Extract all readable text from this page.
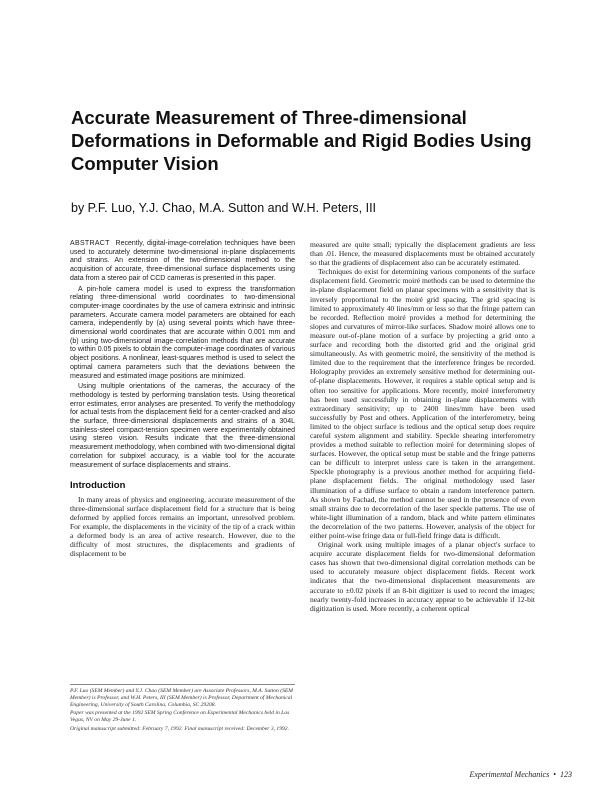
Accurate Measurement of Three-dimensional Deformations in Deformable and Rigid Bodies Using Computer Vision

by P.F. Luo, Y.J. Chao, M.A. Sutton and W.H. Peters, III

ABSTRACT Recently, digital-image-correlation techniques have been used to accurately determine two-dimensional in-plane displacements and strains. An extension of the two-dimensional method to the acquisition of accurate, three-dimensional surface displacements using data from a stereo pair of CCD cameras is presented in this paper.

A pin-hole camera model is used to express the transformation relating three-dimensional world coordinates to two-dimensional computer-image coordinates by the use of camera extrinsic and intrinsic parameters. Accurate camera model parameters are obtained for each camera, independently by (a) using several points which have three-dimensional world coordinates that are accurate within 0.001 mm and (b) using two-dimensional image-correlation methods that are accurate to within 0.05 pixels to obtain the computer-image coordinates of various object positions. A nonlinear, least-squares method is used to select the optimal camera parameters such that the deviations between the measured and estimated image positions are minimized.

Using multiple orientations of the cameras, the accuracy of the methodology is tested by performing translation tests. Using theoretical error estimates, error analyses are presented. To verify the methodology for actual tests from the displacement field for a center-cracked and also the surface, three-dimensional displacements and strains of a 304L stainless-steel compact-tension specimen were experimentally obtained using stereo vision. Results indicate that the three-dimensional measurement methodology, when combined with two-dimensional digital correlation for subpixel accuracy, is a viable tool for the accurate measurement of surface displacements and strains.

Introduction

In many areas of physics and engineering, accurate measurement of the three-dimensional surface displacement field for a structure that is being deformed by applied forces remains an important, unresolved problem. For example, the displacements in the vicinity of the tip of a crack within a deformed body is an area of active research. However, due to the difficulty of most structures, the displacements and gradients of displacement to be

measured are quite small; typically the displacement gradients are less than .01. Hence, the measured displacements must be obtained accurately so that the gradients of displacement also can be accurately estimated.

Techniques do exist for determining various components of the surface displacement field. Geometric moiré methods can be used to determine the in-plane displacement field on planar specimens with a sensitivity that is inversely proportional to the moiré grid spacing. The grid spacing is limited to approximately 40 lines/mm or less so that the fringe pattern can be recorded. Reflection moiré provides a method for determining the slopes and curvatures of mirror-like surfaces. Shadow moiré allows one to measure out-of-plane motion of a surface by projecting a grid onto a surface and recording both the distorted grid and the original grid simultaneously. As with geometric moiré, the sensitivity of the method is limited due to the requirement that the interference fringes be recorded. Holography provides an extremely sensitive method for determining out-of-plane displacements. However, it requires a stable optical setup and is often too sensitive for applications. More recently, moiré interferometry has been used successfully in obtaining in-plane displacements with extraordinary sensitivity; up to 2400 lines/mm have been used successfully by Post and others. Application of the interferometry, being limited to the object surface is tedious and the optical setup does require careful system alignment and stability. Speckle shearing interferometry provides a method suitable to reflection moiré for determining slopes of surfaces. However, the optical setup must be stable and the fringe patterns can be difficult to interpret unless care is taken in the arrangement. Speckle photography is a previous another method for acquiring field-plane displacement fields. The original methodology used laser illumination of a diffuse surface to obtain a random interference pattern. As shown by Fachad, the method cannot be used in the presence of even small strains due to decorrelation of the laser speckle patterns. The use of white-light illumination of a random, black and white pattern eliminates the decorrelation of the two patterns. However, analysis of the object for either point-wise fringe data or full-field fringe data is difficult.

Original work using multiple images of a planar object's surface to acquire accurate displacement fields for two-dimensional deformation cases has shown that two-dimensional digital correlation methods can be used to accurately measure object displacement fields. Recent work indicates that the two-dimensional displacement measurements are accurate to ±0.02 pixels if an 8-bit digitizer is used to record the images; nearly twenty-fold increases in accuracy appear to be achievable if 12-bit digitization is used. More recently, a coherent optical

P.F. Luo (SEM Member) and Y.J. Chao (SEM Member) are Associate Professors, M.A. Sutton (SEM Member) is Professor, and W.H. Peters, III (SEM Member) is Professor, Department of Mechanical Engineering, University of South Carolina, Columbia, SC 29208.

Paper was presented at the 1992 SEM Spring Conference on Experimental Mechanics held in Las Vegas, NV on May 29-June 1.

Original manuscript submitted: February 7, 1992. Final manuscript received: December 3, 1992.

Experimental Mechanics • 123
